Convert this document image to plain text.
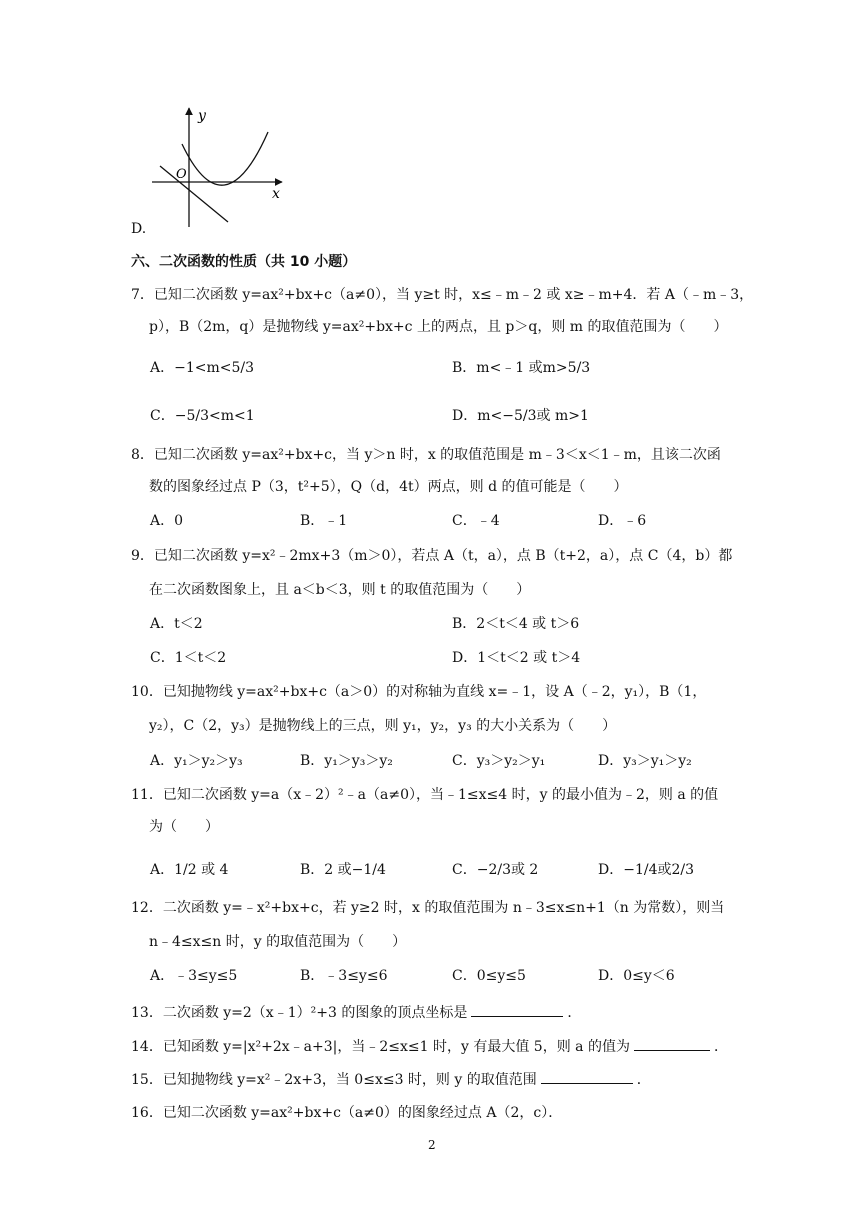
y
x
O
D.
六、二次函数的性质（共 10 小题）
7．已知二次函数 y=ax²+bx+c（a≠0），当 y≥t 时，x≤﹣m﹣2 或 x≥﹣m+4．若 A（﹣m﹣3，
p），B（2m，q）是抛物线 y=ax²+bx+c 上的两点，且 p＞q，则 m 的取值范围为（　　）
A．−1<m<5/3	B．m<﹣1 或m>5/3
C．−5/3<m<1	D．m<−5/3或 m>1
8．已知二次函数 y=ax²+bx+c，当 y＞n 时，x 的取值范围是 m﹣3＜x＜1﹣m，且该二次函
数的图象经过点 P（3，t²+5），Q（d，4t）两点，则 d 的值可能是（　　）
A．0	B．﹣1	C．﹣4	D．﹣6
9．已知二次函数 y=x²﹣2mx+3（m＞0），若点 A（t，a），点 B（t+2，a），点 C（4，b）都
在二次函数图象上，且 a＜b＜3，则 t 的取值范围为（　　）
A．t＜2	B．2＜t＜4 或 t＞6
C．1＜t＜2	D．1＜t＜2 或 t＞4
10．已知抛物线 y=ax²+bx+c（a＞0）的对称轴为直线 x=﹣1，设 A（﹣2，y₁），B（1，
y₂），C（2，y₃）是抛物线上的三点，则 y₁，y₂，y₃ 的大小关系为（　　）
A．y₁＞y₂＞y₃	B．y₁＞y₃＞y₂	C．y₃＞y₂＞y₁	D．y₃＞y₁＞y₂
11．已知二次函数 y=a（x﹣2）²﹣a（a≠0），当﹣1≤x≤4 时，y 的最小值为﹣2，则 a 的值
为（　　）
A．1/2 或 4	B．2 或−1/4	C．−2/3或 2	D．−1/4或2/3
12．二次函数 y=﹣x²+bx+c，若 y≥2 时，x 的取值范围为 n﹣3≤x≤n+1（n 为常数），则当
n﹣4≤x≤n 时，y 的取值范围为（　　）
A．﹣3≤y≤5	B．﹣3≤y≤6	C．0≤y≤5	D．0≤y＜6
13．二次函数 y=2（x﹣1）²+3 的图象的顶点坐标是	．
14．已知函数 y=|x²+2x﹣a+3|，当﹣2≤x≤1 时，y 有最大值 5，则 a 的值为	．
15．已知抛物线 y=x²﹣2x+3，当 0≤x≤3 时，则 y 的取值范围	．
16．已知二次函数 y=ax²+bx+c（a≠0）的图象经过点 A（2，c）．
2
